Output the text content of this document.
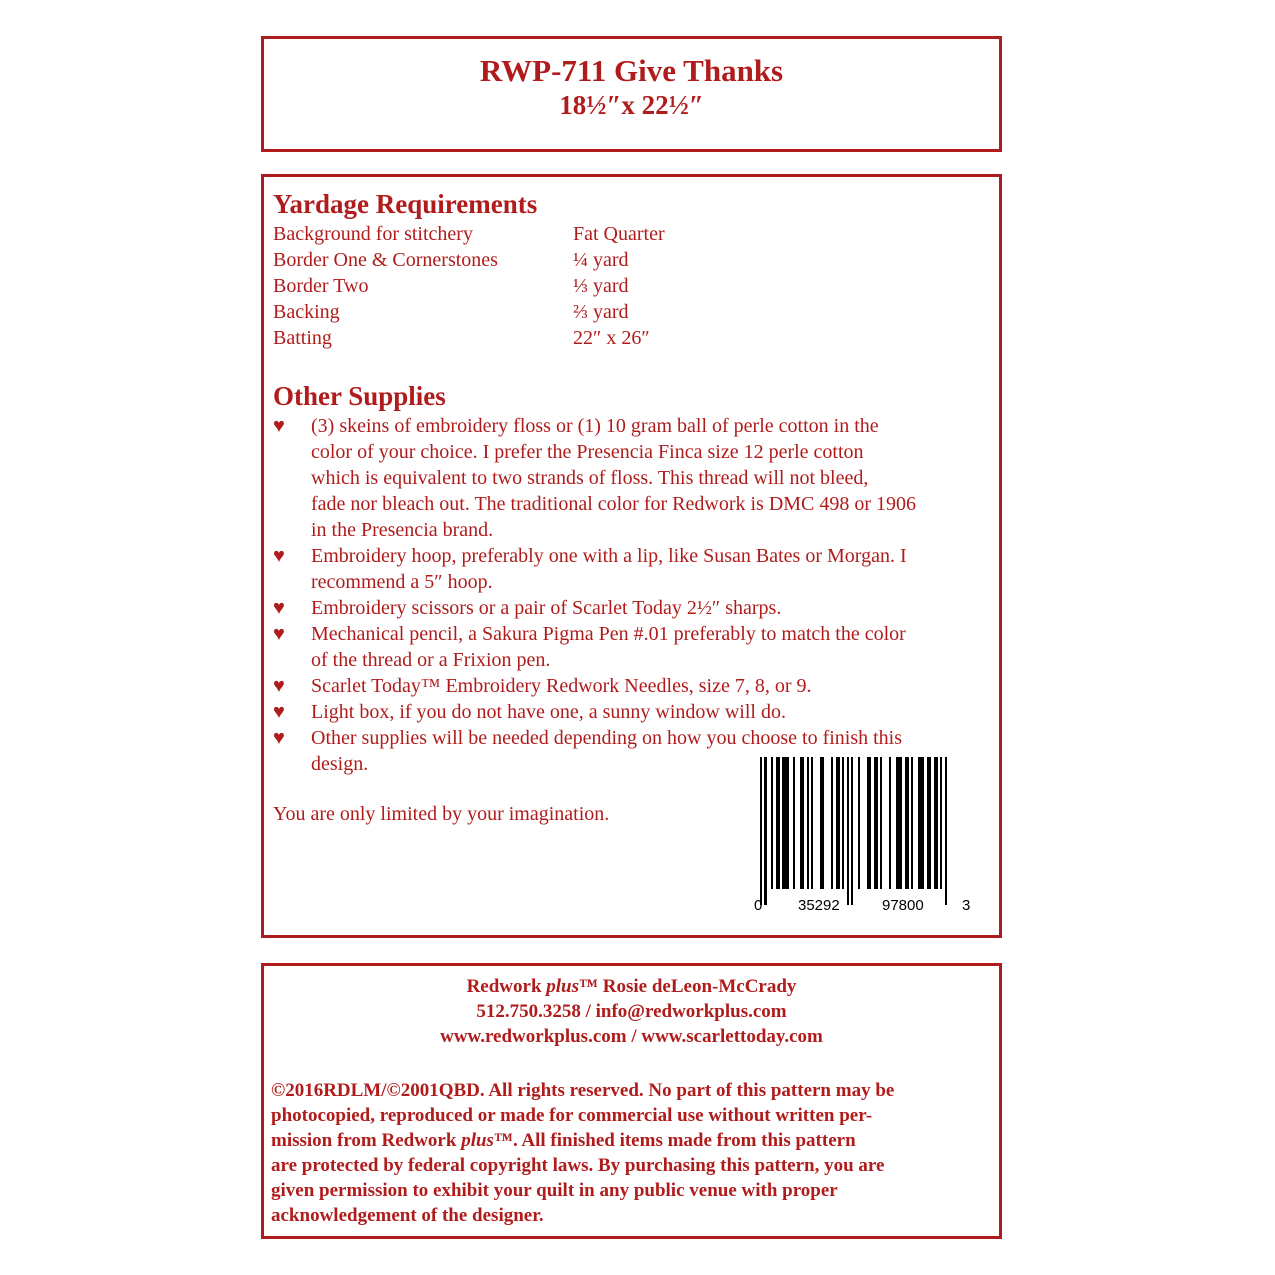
RWP-711 Give Thanks
18½″x 22½″
Yardage Requirements
Background for stitchery	Fat Quarter
Border One & Cornerstones	¼ yard
Border Two	⅓ yard
Backing	⅔ yard
Batting	22″ x 26″
Other Supplies
♥ (3) skeins of embroidery floss or (1) 10 gram ball of perle cotton in the
color of your choice. I prefer the Presencia Finca size 12 perle cotton
which is equivalent to two strands of floss. This thread will not bleed,
fade nor bleach out. The traditional color for Redwork is DMC 498 or 1906
in the Presencia brand.
♥ Embroidery hoop, preferably one with a lip, like Susan Bates or Morgan. I
recommend a 5″ hoop.
♥ Embroidery scissors or a pair of Scarlet Today 2½″ sharps.
♥ Mechanical pencil, a Sakura Pigma Pen #.01 preferably to match the color
of the thread or a Frixion pen.
♥ Scarlet Today™ Embroidery Redwork Needles, size 7, 8, or 9.
♥ Light box, if you do not have one, a sunny window will do.
♥ Other supplies will be needed depending on how you choose to finish this
design.
You are only limited by your imagination.
0 35292	97800	3
Redwork plus™ Rosie deLeon-McCrady
512.750.3258 / info@redworkplus.com
www.redworkplus.com / www.scarlettoday.com
©2016RDLM/©2001QBD. All rights reserved. No part of this pattern may be
photocopied, reproduced or made for commercial use without written per-
mission from Redwork plus™. All finished items made from this pattern
are protected by federal copyright laws. By purchasing this pattern, you are
given permission to exhibit your quilt in any public venue with proper
acknowledgement of the designer.
